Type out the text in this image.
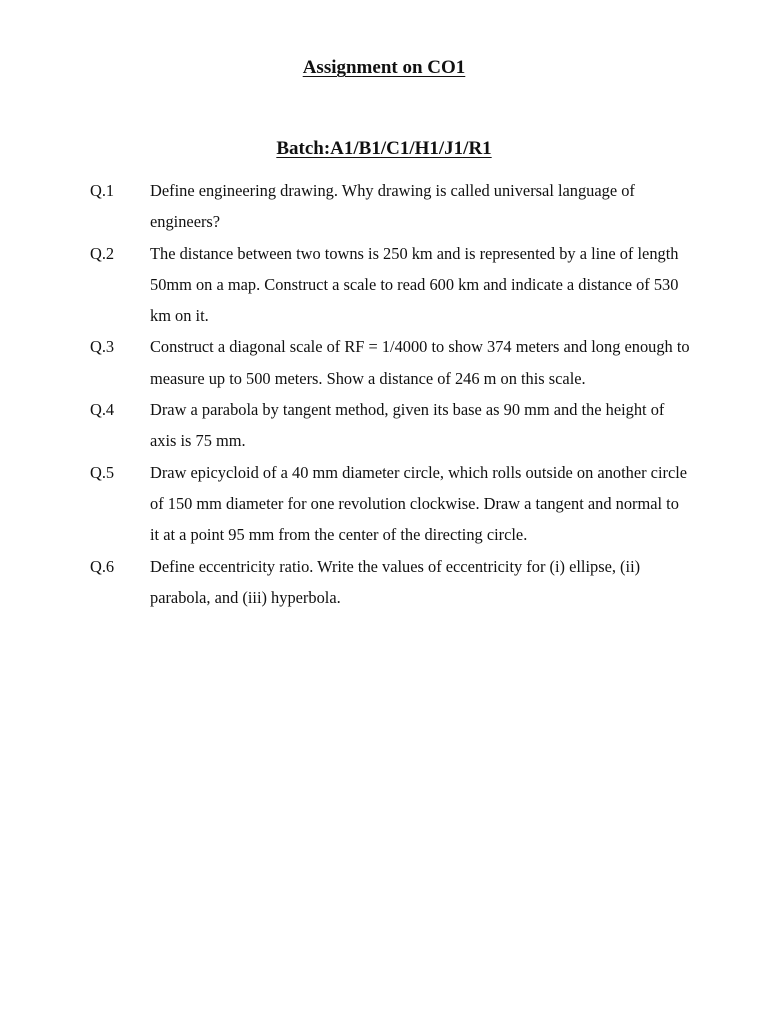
Assignment on CO1
Batch:A1/B1/C1/H1/J1/R1
Q.1	Define engineering drawing. Why drawing is called universal language of engineers?
Q.2	The distance between two towns is 250 km and is represented by a line of length 50mm on a map. Construct a scale to read 600 km and indicate a distance of 530 km on it.
Q.3	Construct a diagonal scale of RF = 1/4000 to show 374 meters and long enough to measure up to 500 meters. Show a distance of 246 m on this scale.
Q.4	Draw a parabola by tangent method, given its base as 90 mm and the height of axis is 75 mm.
Q.5	Draw epicycloid of a 40 mm diameter circle, which rolls outside on another circle of 150 mm diameter for one revolution clockwise. Draw a tangent and normal to it at a point 95 mm from the center of the directing circle.
Q.6	Define eccentricity ratio. Write the values of eccentricity for (i) ellipse, (ii) parabola, and (iii) hyperbola.
